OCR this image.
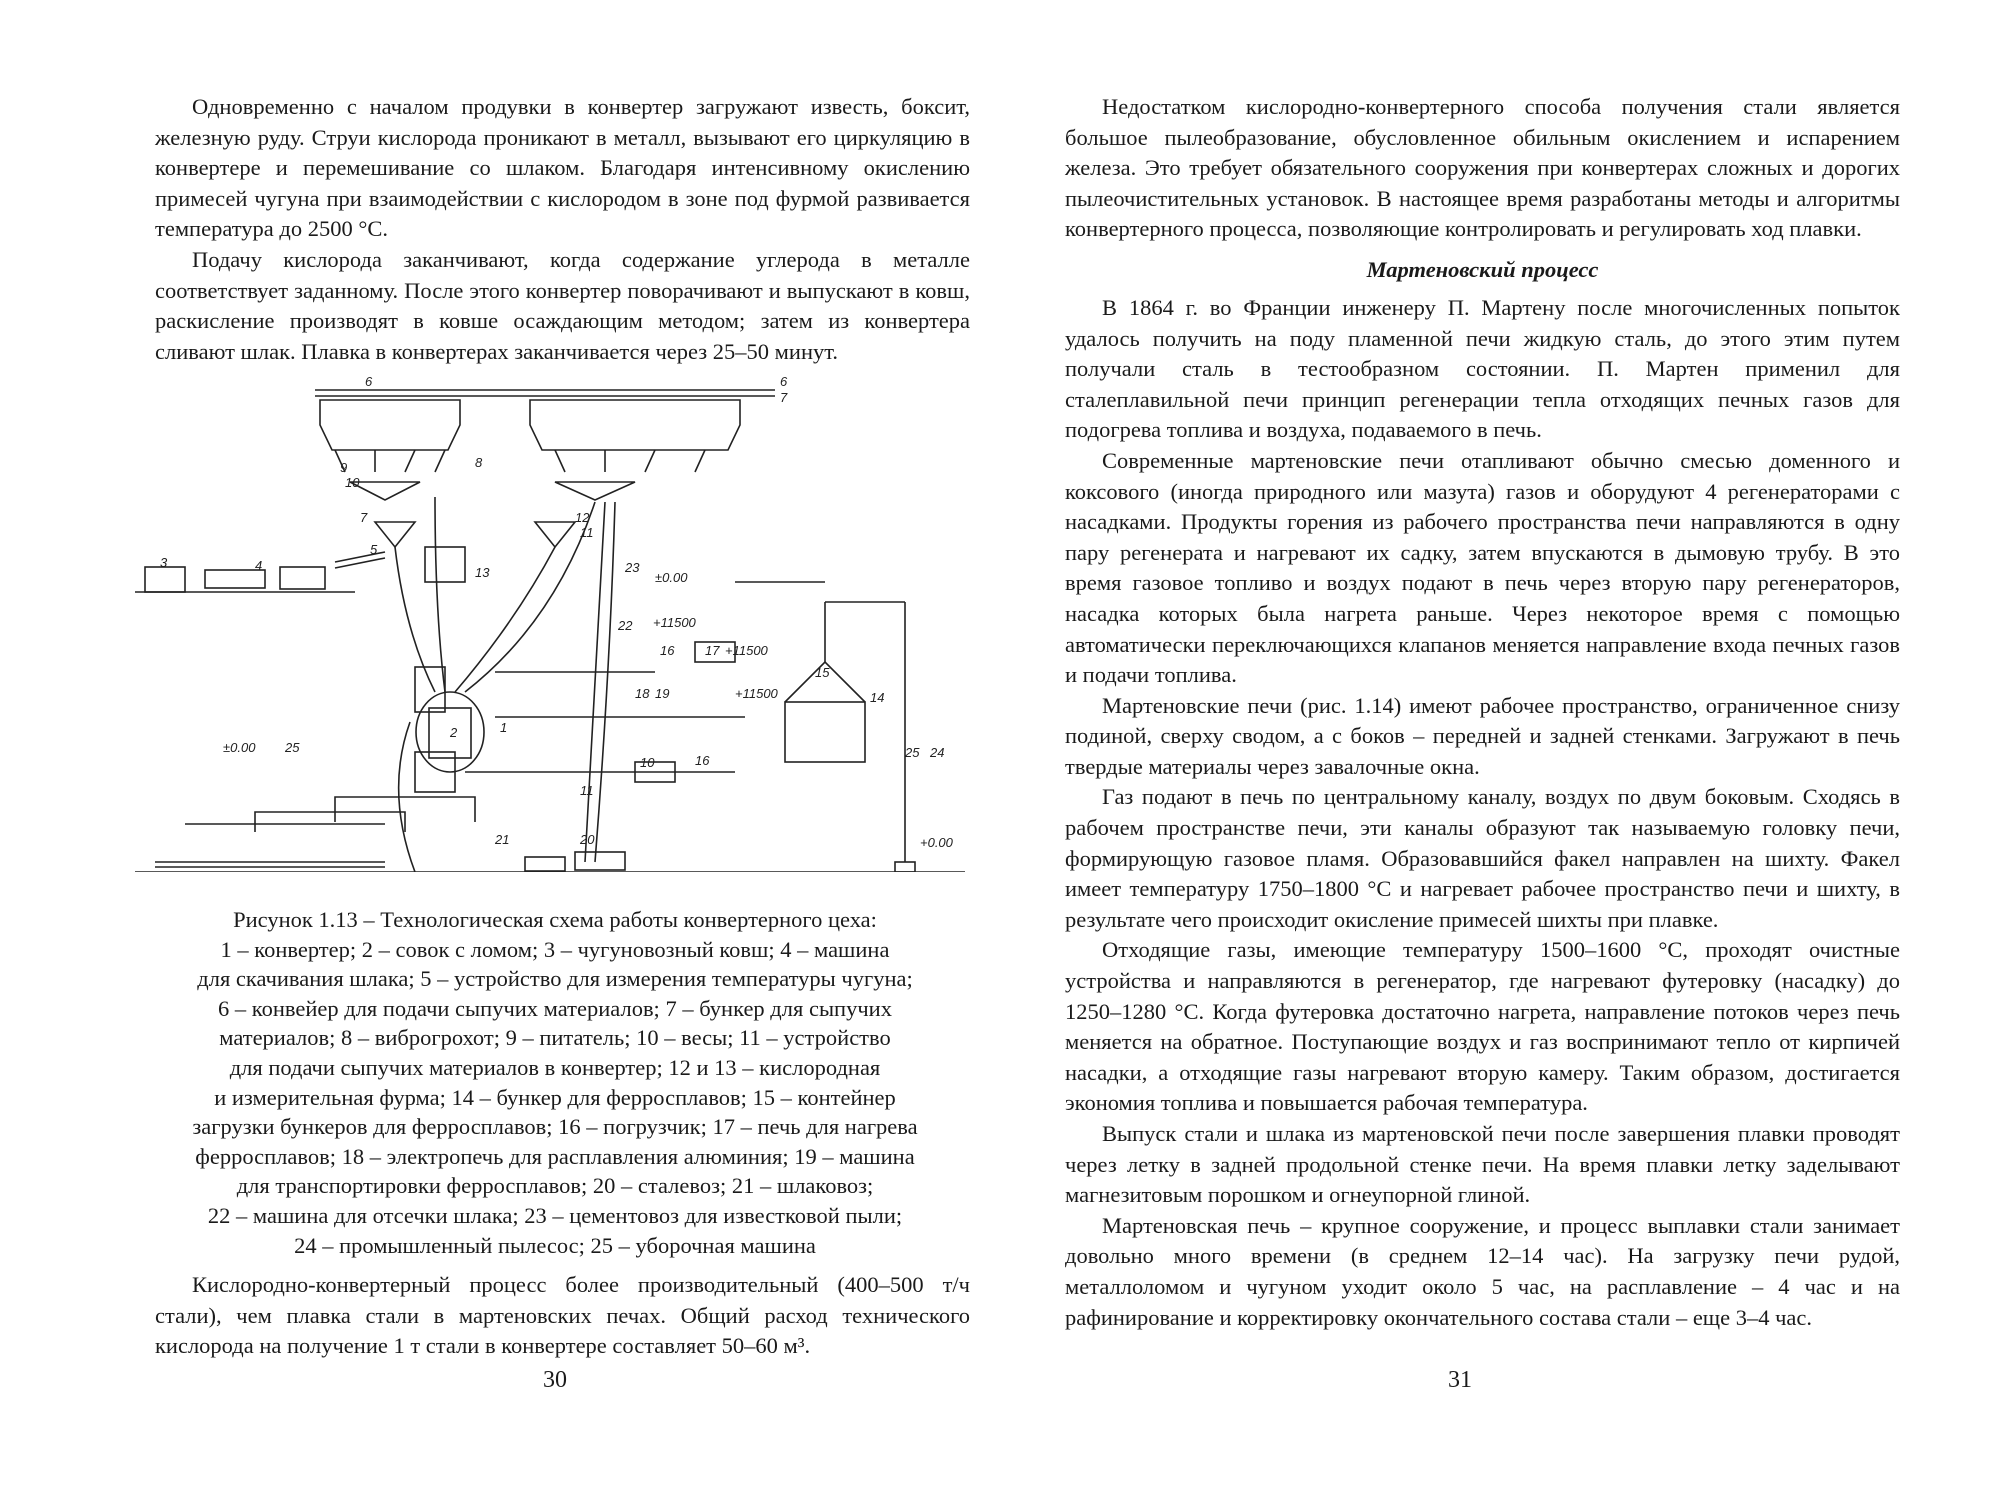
Одновременно с началом продувки в конвертер загружают известь, боксит, железную руду. Струи кислорода проникают в металл, вызывают его циркуляцию в конвертере и перемешивание со шлаком. Благодаря интенсивному окислению примесей чугуна при взаимодействии с кислородом в зоне под фурмой развивается температура до 2500 °C.

Подачу кислорода заканчивают, когда содержание углерода в металле соответствует заданному. После этого конвертер поворачивают и выпускают в ковш, раскисление производят в ковше осаждающим методом; затем из конвертера сливают шлак. Плавка в конвертерах заканчивается через 25–50 минут.

6	6
7
8
9
10
7	12
11
13	23
±0.00
3	4
5
22 +11500
16 17 +11500
18 19	+11500
15
14
1
2
±0.00 25
10	16
25 24
11
21	20	+0.00
Рисунок 1.13 – Технологическая схема работы конвертерного цеха:
1 – конвертер; 2 – совок с ломом; 3 – чугуновозный ковш; 4 – машина
для скачивания шлака; 5 – устройство для измерения температуры чугуна;
6 – конвейер для подачи сыпучих материалов; 7 – бункер для сыпучих
материалов; 8 – виброгрохот; 9 – питатель; 10 – весы; 11 – устройство
для подачи сыпучих материалов в конвертер; 12 и 13 – кислородная
и измерительная фурма; 14 – бункер для ферросплавов; 15 – контейнер
загрузки бункеров для ферросплавов; 16 – погрузчик; 17 – печь для нагрева
ферросплавов; 18 – электропечь для расплавления алюминия; 19 – машина
для транспортировки ферросплавов; 20 – сталевоз; 21 – шлаковоз;
22 – машина для отсечки шлака; 23 – цементовоз для известковой пыли;
24 – промышленный пылесос; 25 – уборочная машина

Кислородно-конвертерный процесс более производительный (400–500 т/ч стали), чем плавка стали в мартеновских печах. Общий расход технического кислорода на получение 1 т стали в конвертере составляет 50–60 м³.

30

Недостатком кислородно-конвертерного способа получения стали является большое пылеобразование, обусловленное обильным окислением и испарением железа. Это требует обязательного сооружения при конвертерах сложных и дорогих пылеочистительных установок. В настоящее время разработаны методы и алгоритмы конвертерного процесса, позволяющие контролировать и регулировать ход плавки.

Мартеновский процесс

В 1864 г. во Франции инженеру П. Мартену после многочисленных попыток удалось получить на поду пламенной печи жидкую сталь, до этого этим путем получали сталь в тестообразном состоянии. П. Мартен применил для сталеплавильной печи принцип регенерации тепла отходящих печных газов для подогрева топлива и воздуха, подаваемого в печь.

Современные мартеновские печи отапливают обычно смесью доменного и коксового (иногда природного или мазута) газов и оборудуют 4 регенераторами с насадками. Продукты горения из рабочего пространства печи направляются в одну пару регенерата и нагревают их садку, затем впускаются в дымовую трубу. В это время газовое топливо и воздух подают в печь через вторую пару регенераторов, насадка которых была нагрета раньше. Через некоторое время с помощью автоматически переключающихся клапанов меняется направление входа печных газов и подачи топлива.

Мартеновские печи (рис. 1.14) имеют рабочее пространство, ограниченное снизу подиной, сверху сводом, а с боков – передней и задней стенками. Загружают в печь твердые материалы через завалочные окна.

Газ подают в печь по центральному каналу, воздух по двум боковым. Сходясь в рабочем пространстве печи, эти каналы образуют так называемую головку печи, формирующую газовое пламя. Образовавшийся факел направлен на шихту. Факел имеет температуру 1750–1800 °C и нагревает рабочее пространство печи и шихту, в результате чего происходит окисление примесей шихты при плавке.

Отходящие газы, имеющие температуру 1500–1600 °C, проходят очистные устройства и направляются в регенератор, где нагревают футеровку (насадку) до 1250–1280 °C. Когда футеровка достаточно нагрета, направление потоков через печь меняется на обратное. Поступающие воздух и газ воспринимают тепло от кирпичей насадки, а отходящие газы нагревают вторую камеру. Таким образом, достигается экономия топлива и повышается рабочая температура.

Выпуск стали и шлака из мартеновской печи после завершения плавки проводят через летку в задней продольной стенке печи. На время плавки летку заделывают магнезитовым порошком и огнеупорной глиной.

Мартеновская печь – крупное сооружение, и процесс выплавки стали занимает довольно много времени (в среднем 12–14 час). На загрузку печи рудой, металлоломом и чугуном уходит около 5 час, на расплавление – 4 час и на рафинирование и корректировку окончательного состава стали – еще 3–4 час.

31
